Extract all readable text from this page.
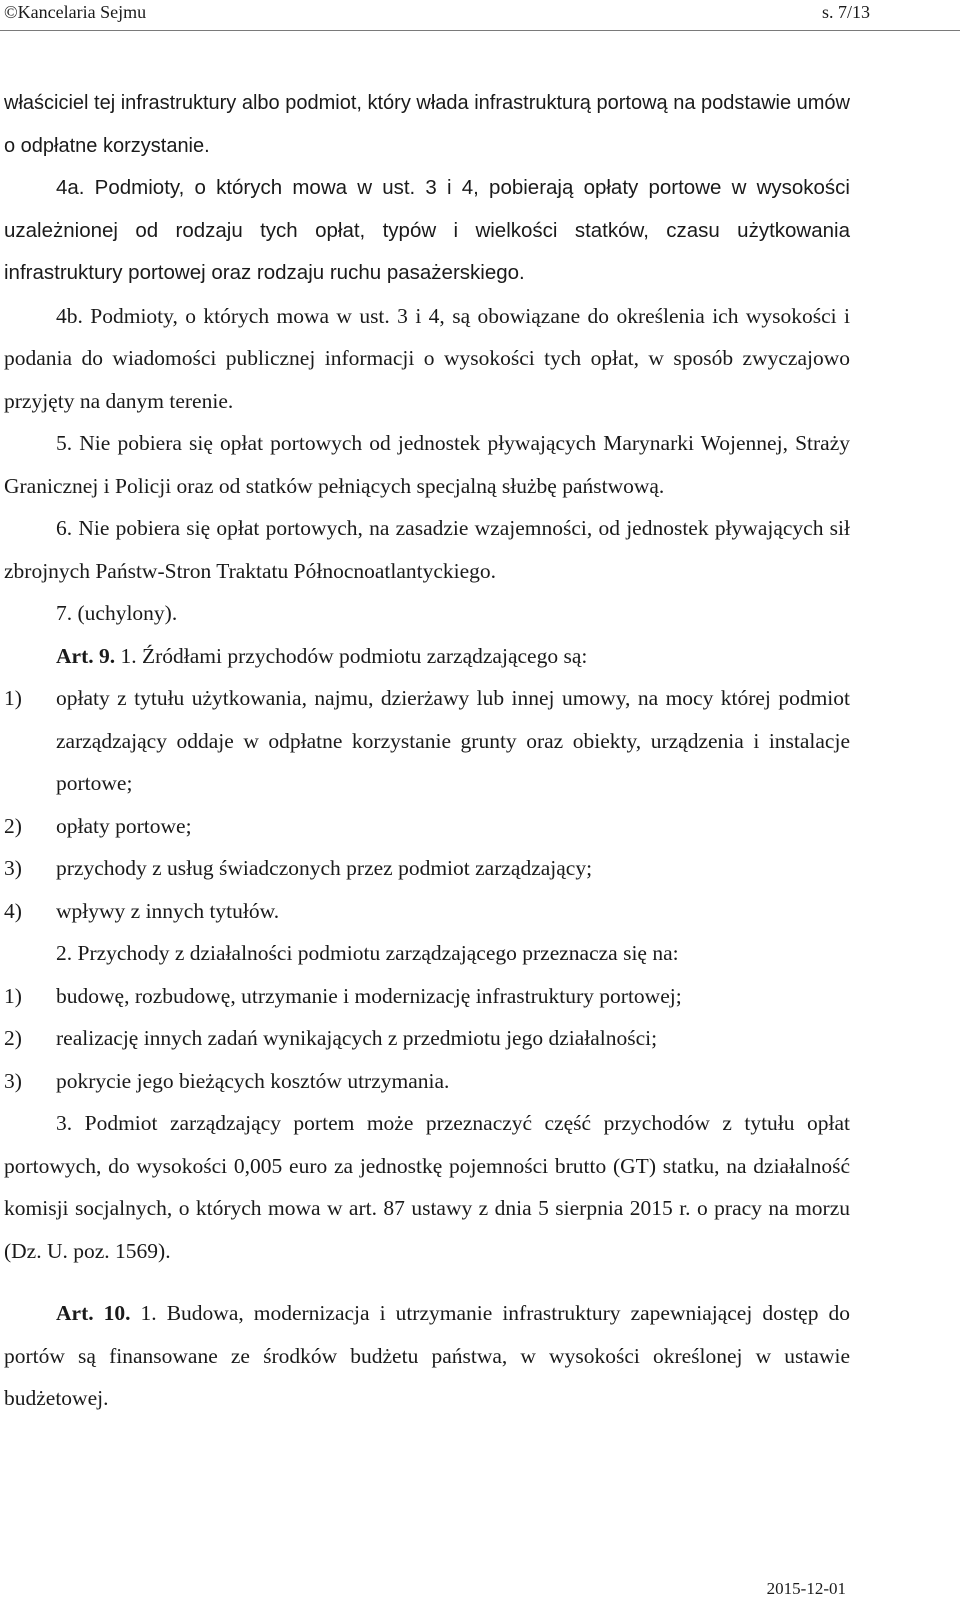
©Kancelaria Sejmu	s. 7/13

właściciel tej infrastruktury albo podmiot, który włada infrastrukturą portową na podstawie umów o odpłatne korzystanie.

4a. Podmioty, o których mowa w ust. 3 i 4, pobierają opłaty portowe w wysokości uzależnionej od rodzaju tych opłat, typów i wielkości statków, czasu użytkowania infrastruktury portowej oraz rodzaju ruchu pasażerskiego.

4b. Podmioty, o których mowa w ust. 3 i 4, są obowiązane do określenia ich wysokości i podania do wiadomości publicznej informacji o wysokości tych opłat, w sposób zwyczajowo przyjęty na danym terenie.

5. Nie pobiera się opłat portowych od jednostek pływających Marynarki Wojennej, Straży Granicznej i Policji oraz od statków pełniących specjalną służbę państwową.

6. Nie pobiera się opłat portowych, na zasadzie wzajemności, od jednostek pływających sił zbrojnych Państw-Stron Traktatu Północnoatlantyckiego.

7. (uchylony).

Art. 9. 1. Źródłami przychodów podmiotu zarządzającego są:

1)	opłaty z tytułu użytkowania, najmu, dzierżawy lub innej umowy, na mocy której podmiot zarządzający oddaje w odpłatne korzystanie grunty oraz obiekty, urządzenia i instalacje portowe;
2)	opłaty portowe;
3)	przychody z usług świadczonych przez podmiot zarządzający;
4)	wpływy z innych tytułów.

2. Przychody z działalności podmiotu zarządzającego przeznacza się na:

1)	budowę, rozbudowę, utrzymanie i modernizację infrastruktury portowej;
2)	realizację innych zadań wynikających z przedmiotu jego działalności;
3)	pokrycie jego bieżących kosztów utrzymania.

3. Podmiot zarządzający portem może przeznaczyć część przychodów z tytułu opłat portowych, do wysokości 0,005 euro za jednostkę pojemności brutto (GT) statku, na działalność komisji socjalnych, o których mowa w art. 87 ustawy z dnia 5 sierpnia 2015 r. o pracy na morzu (Dz. U. poz. 1569).

Art. 10. 1. Budowa, modernizacja i utrzymanie infrastruktury zapewniającej dostęp do portów są finansowane ze środków budżetu państwa, w wysokości określonej w ustawie budżetowej.

2015-12-01
